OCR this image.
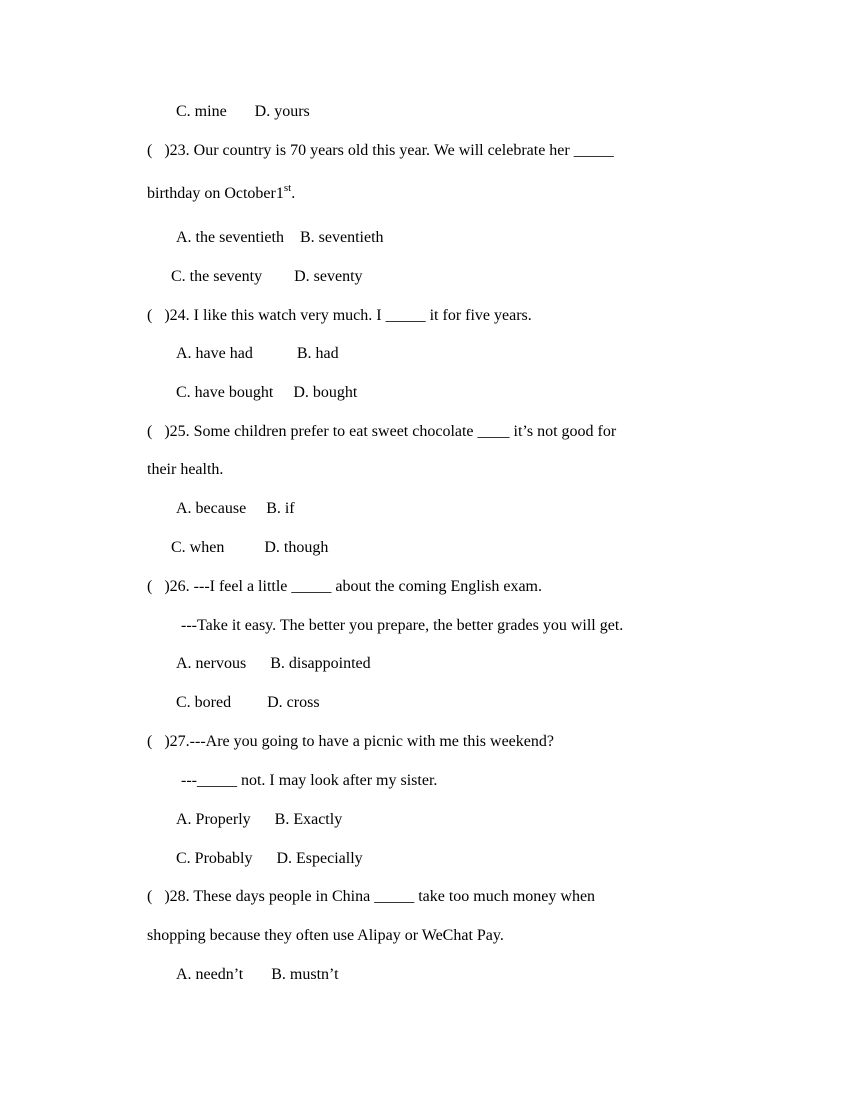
C. mine       D. yours
(   )23. Our country is 70 years old this year. We will celebrate her _____
birthday on October1st.
A. the seventieth    B. seventieth
C. the seventy        D. seventy
(   )24. I like this watch very much. I _____ it for five years.
A. have had           B. had
C. have bought     D. bought
(   )25. Some children prefer to eat sweet chocolate ____ it’s not good for
their health.
A. because     B. if
C. when          D. though
(   )26. ---I feel a little _____ about the coming English exam.
---Take it easy. The better you prepare, the better grades you will get.
A. nervous      B. disappointed
C. bored         D. cross
(   )27.---Are you going to have a picnic with me this weekend?
---_____ not. I may look after my sister.
A. Properly      B. Exactly
C. Probably      D. Especially
(   )28. These days people in China _____ take too much money when
shopping because they often use Alipay or WeChat Pay.
A. needn’t       B. mustn’t
